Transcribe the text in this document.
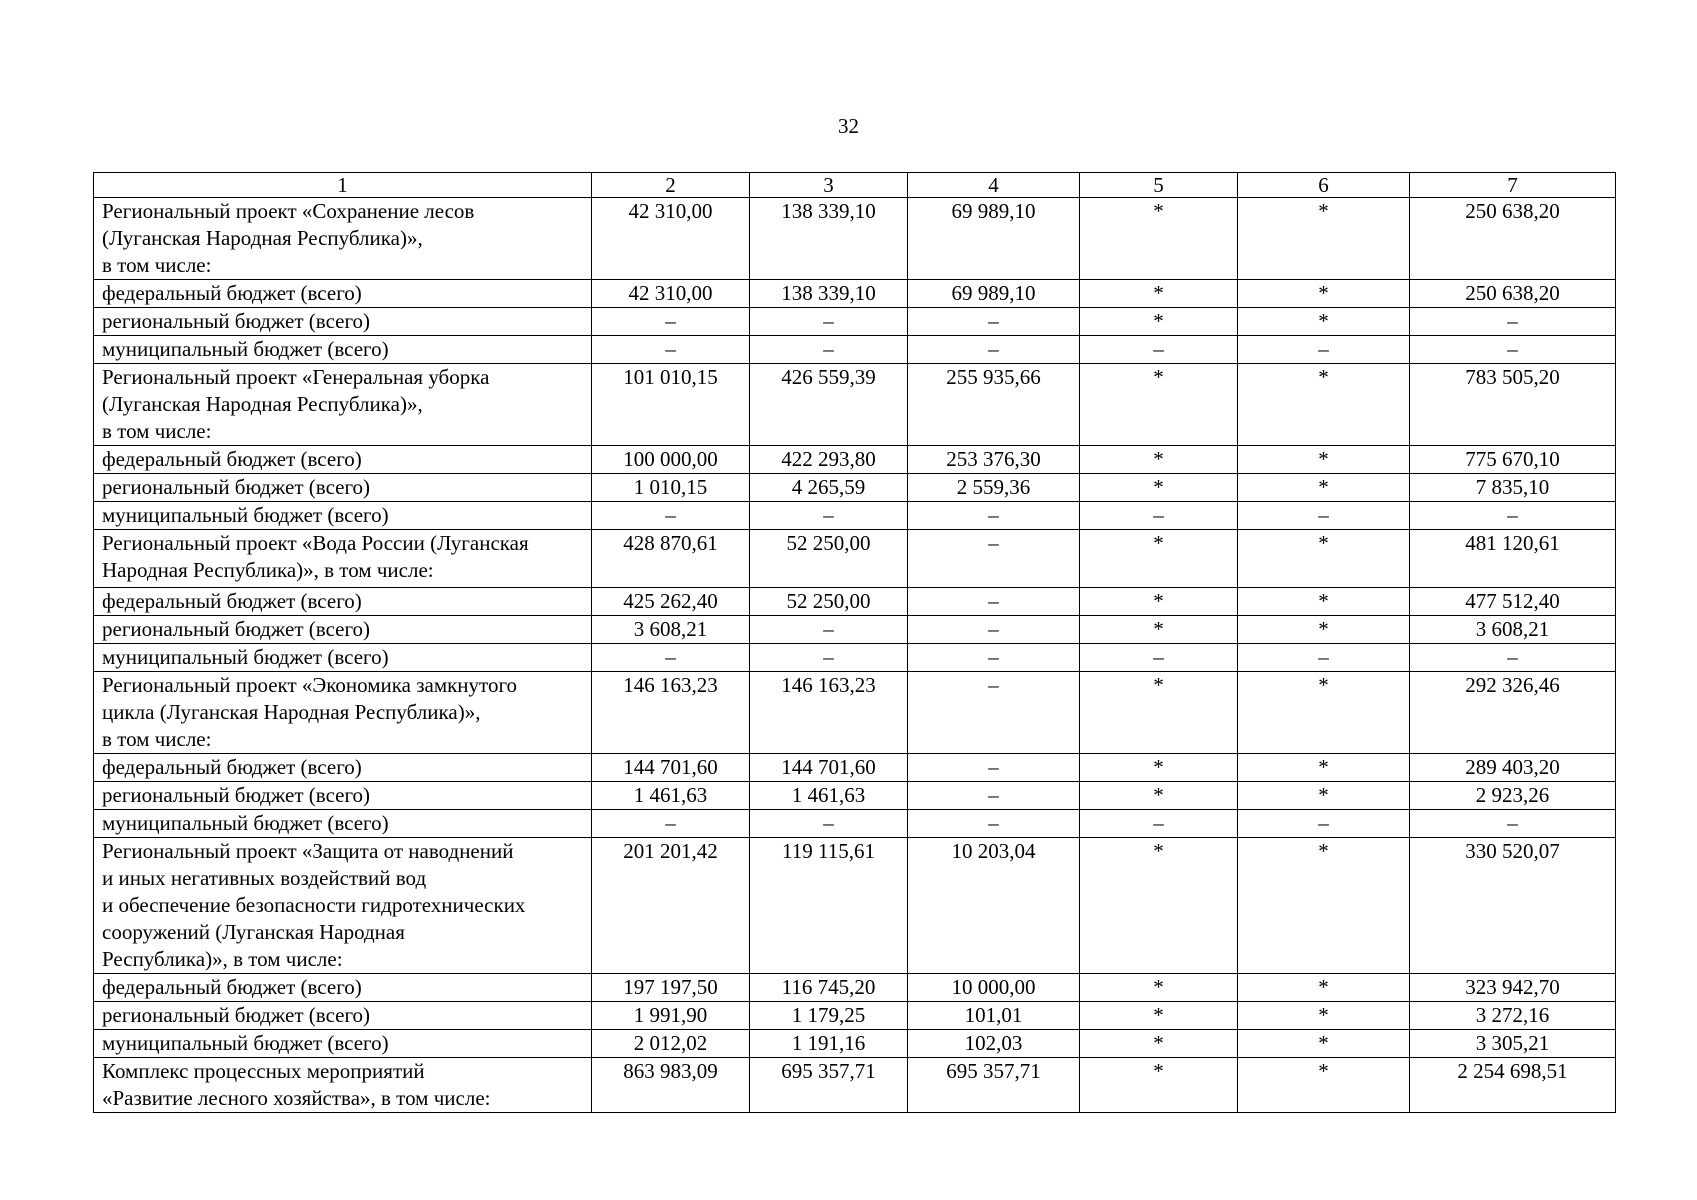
32
1	2	3	4	5	6	7
Региональный проект «Сохранение лесов
(Луганская Народная Республика)»,
в том числе:	42 310,00	138 339,10	69 989,10	*	*	250 638,20
федеральный бюджет (всего)	42 310,00	138 339,10	69 989,10	*	*	250 638,20
региональный бюджет (всего)	–	–	–	*	*	–
муниципальный бюджет (всего)	–	–	–	–	–	–
Региональный проект «Генеральная уборка
(Луганская Народная Республика)»,
в том числе:	101 010,15	426 559,39	255 935,66	*	*	783 505,20
федеральный бюджет (всего)	100 000,00	422 293,80	253 376,30	*	*	775 670,10
региональный бюджет (всего)	1 010,15	4 265,59	2 559,36	*	*	7 835,10
муниципальный бюджет (всего)	–	–	–	–	–	–
Региональный проект «Вода России (Луганская
Народная Республика)», в том числе:	428 870,61	52 250,00	–	*	*	481 120,61
федеральный бюджет (всего)	425 262,40	52 250,00	–	*	*	477 512,40
региональный бюджет (всего)	3 608,21	–	–	*	*	3 608,21
муниципальный бюджет (всего)	–	–	–	–	–	–
Региональный проект «Экономика замкнутого
цикла (Луганская Народная Республика)»,
в том числе:	146 163,23	146 163,23	–	*	*	292 326,46
федеральный бюджет (всего)	144 701,60	144 701,60	–	*	*	289 403,20
региональный бюджет (всего)	1 461,63	1 461,63	–	*	*	2 923,26
муниципальный бюджет (всего)	–	–	–	–	–	–
Региональный проект «Защита от наводнений
и иных негативных воздействий вод
и обеспечение безопасности гидротехнических
сооружений (Луганская Народная
Республика)», в том числе:	201 201,42	119 115,61	10 203,04	*	*	330 520,07
федеральный бюджет (всего)	197 197,50	116 745,20	10 000,00	*	*	323 942,70
региональный бюджет (всего)	1 991,90	1 179,25	101,01	*	*	3 272,16
муниципальный бюджет (всего)	2 012,02	1 191,16	102,03	*	*	3 305,21
Комплекс процессных мероприятий
«Развитие лесного хозяйства», в том числе:	863 983,09	695 357,71	695 357,71	*	*	2 254 698,51
